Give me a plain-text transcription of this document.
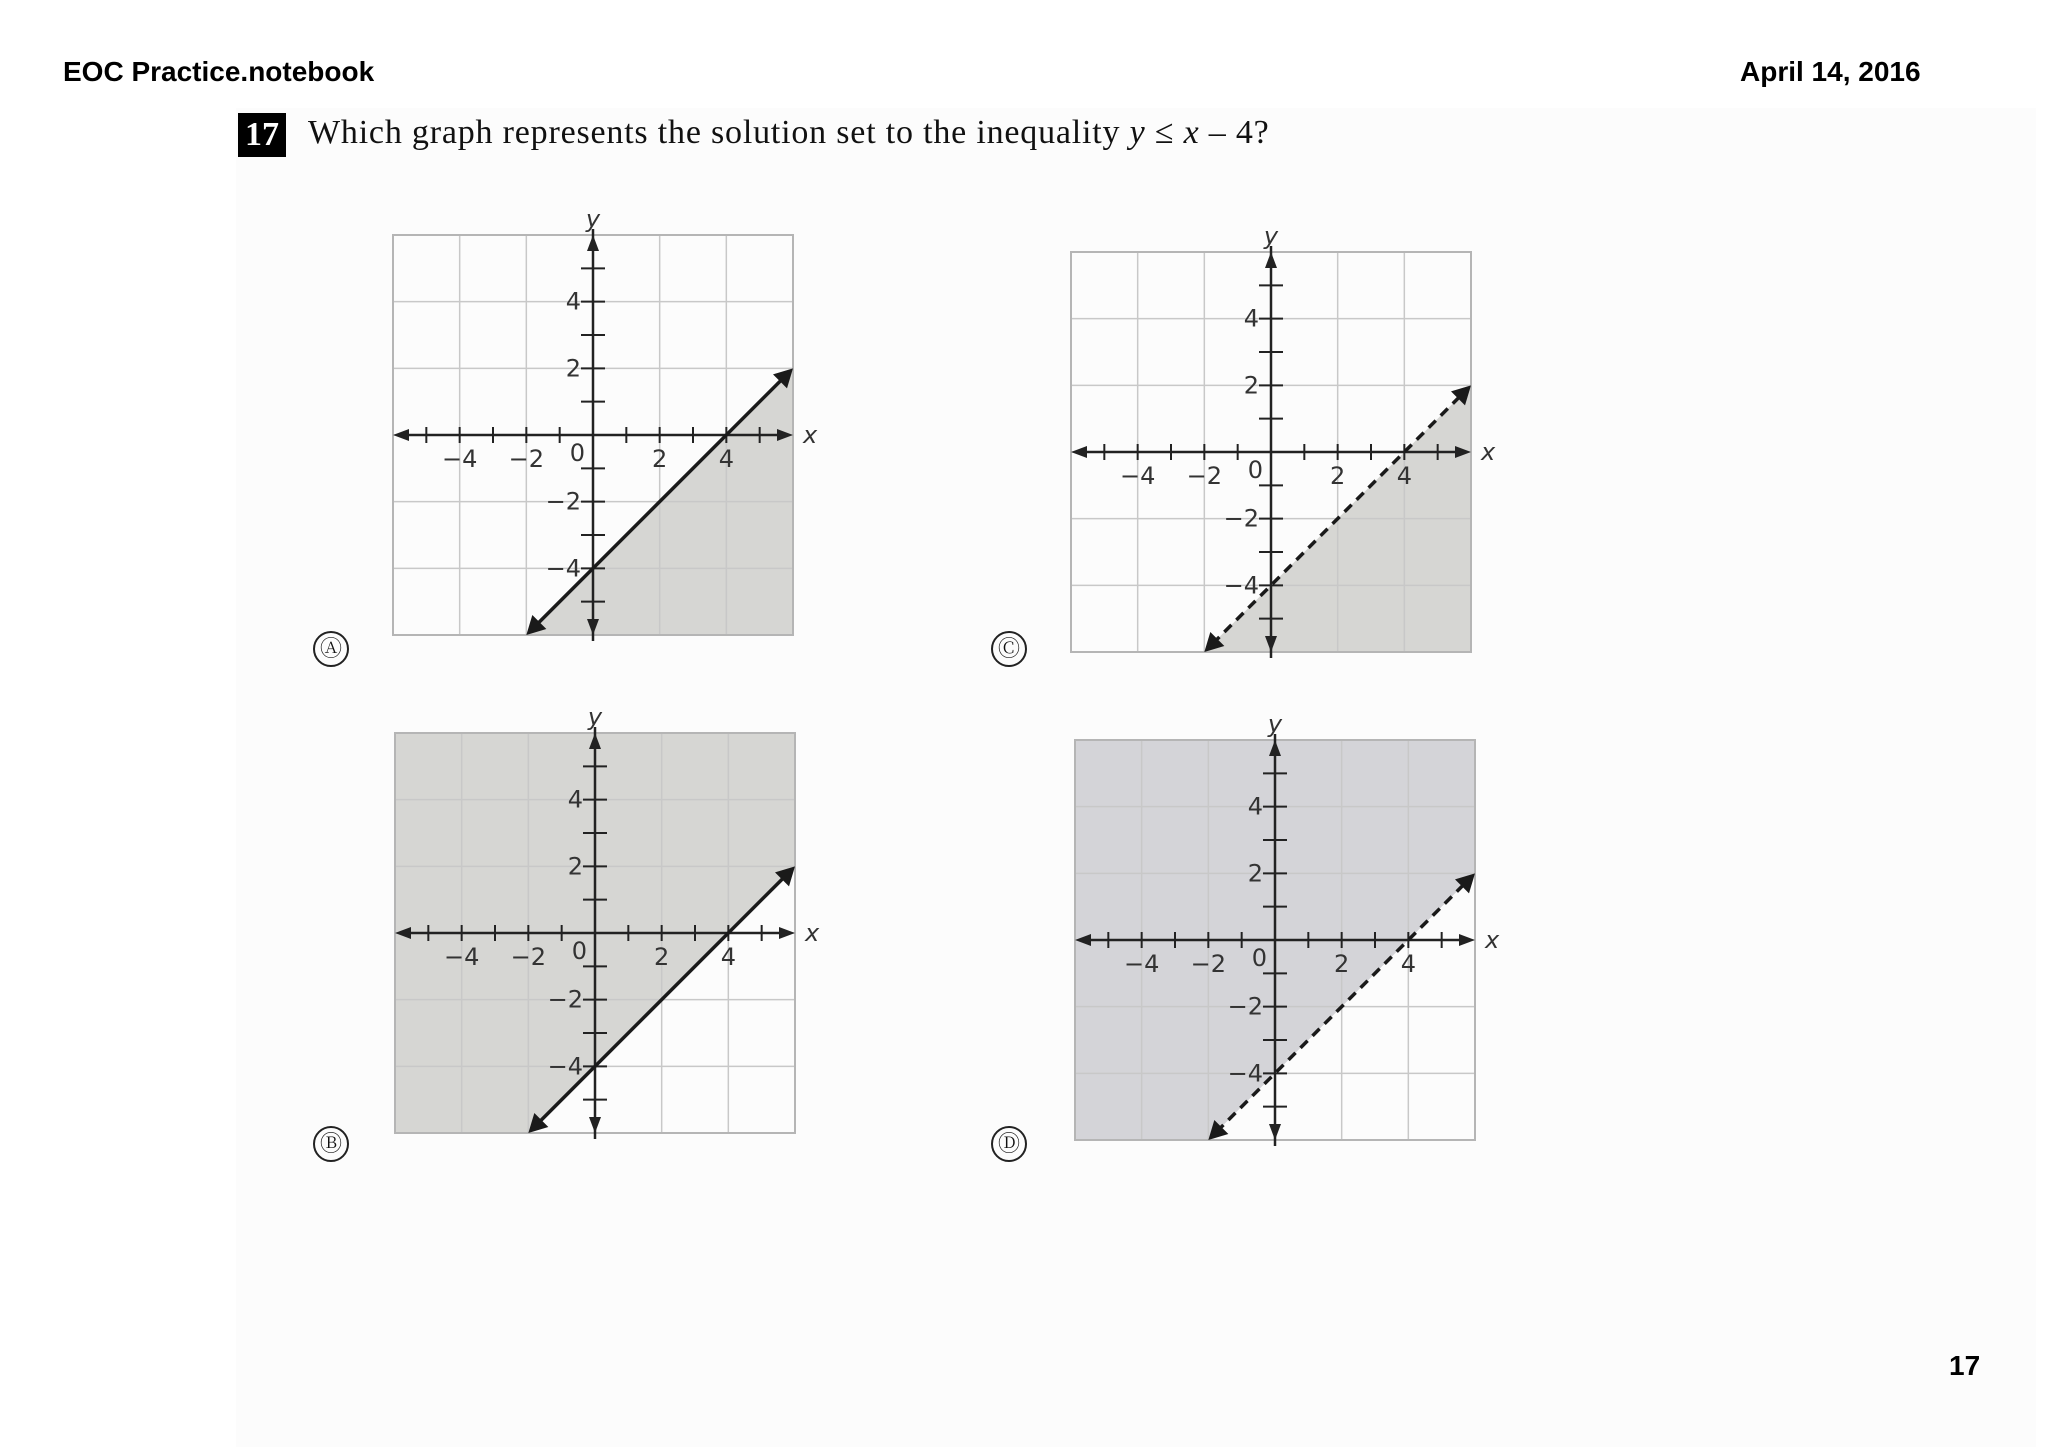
EOC Practice.notebook	April 14, 2016
17 Which graph represents the solution set to the inequality y ≤ x – 4?
Ⓐ
−4 −2	2 4
4
2
−2
−4
0
x
y
Ⓒ
−4 −2	2 4
4
2
−2
−4
0
x
y
Ⓑ
−4 −2	2 4
4
2
−2
−4
0
x
y
Ⓓ
−4 −2	2 4
4
2
−2
−4
0
x
y
17
